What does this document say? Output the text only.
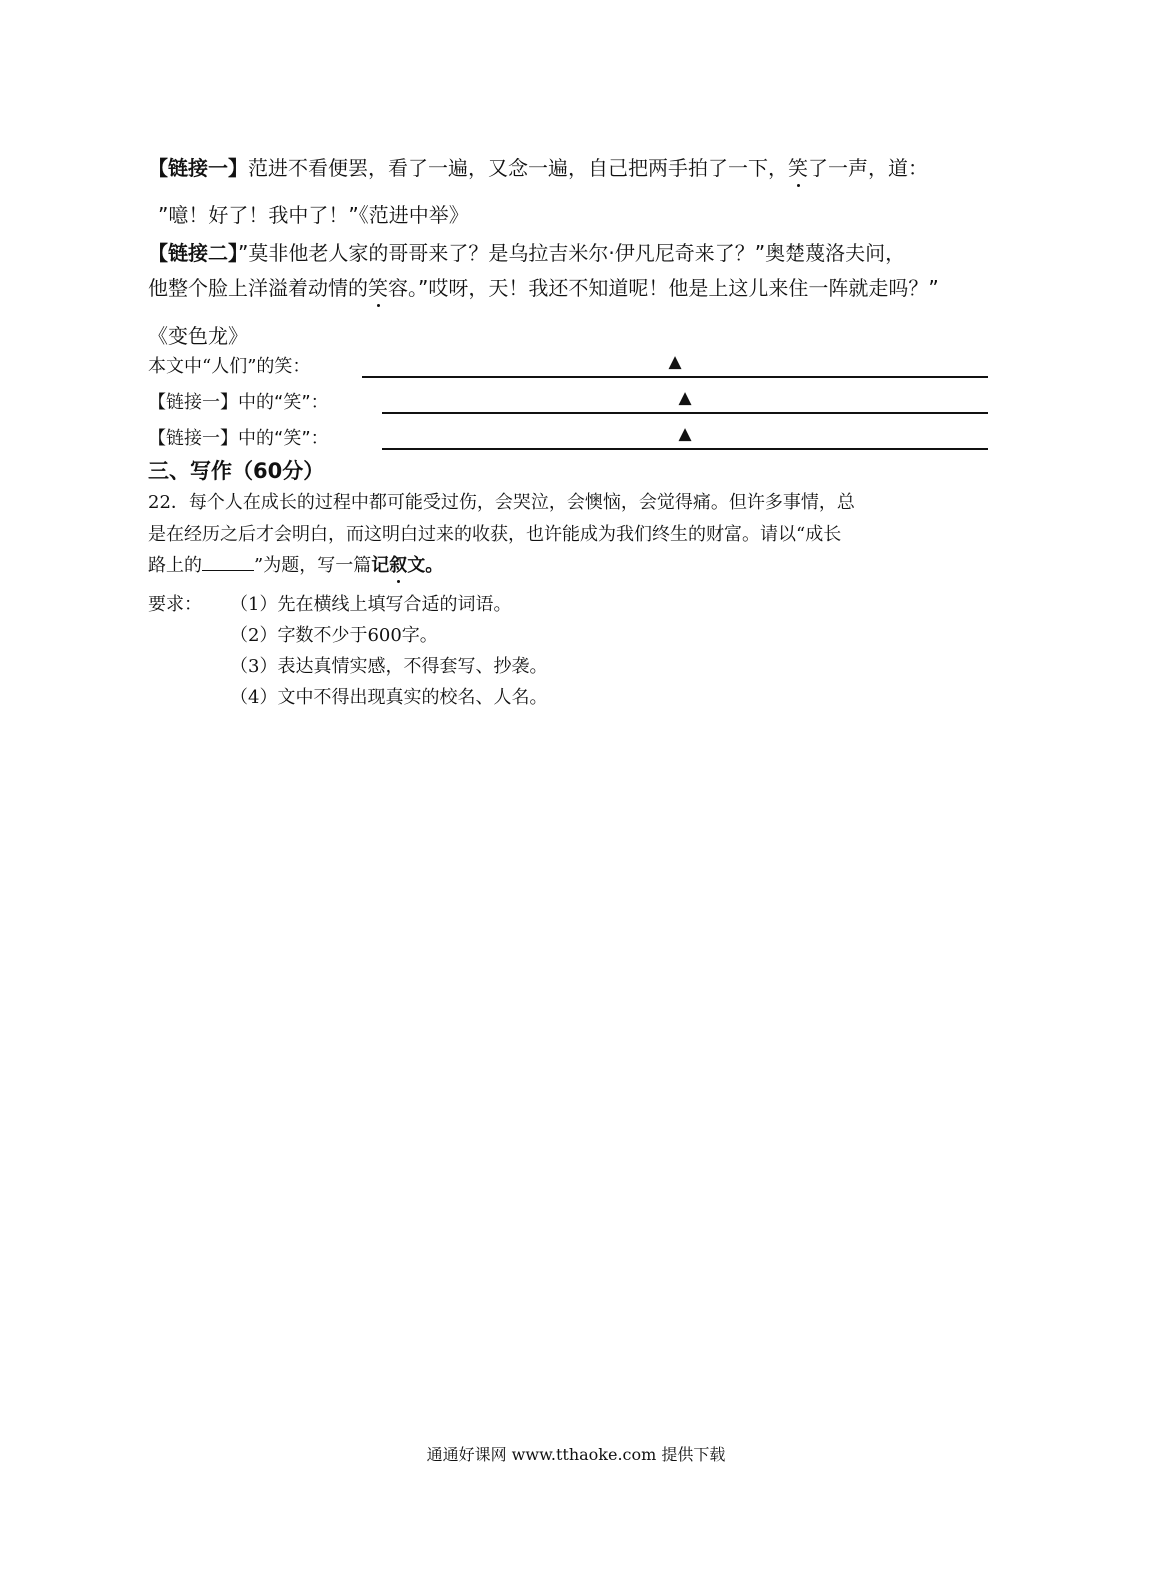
【链接一】范进不看便罢，看了一遍，又念一遍，自己把两手拍了一下，笑了一声，道：
”噫！好了！我中了！”《范进中举》
【链接二】”莫非他老人家的哥哥来了？是乌拉吉米尔·伊凡尼奇来了？”奥楚蔑洛夫问，
他整个脸上洋溢着动情的笑容。”哎呀，天！我还不知道呢！他是上这儿来住一阵就走吗？”
《变色龙》
本文中“人们”的笑：	▲
【链接一】中的“笑”：	▲
【链接一】中的“笑”：	▲
三、写作（60分）
22．每个人在成长的过程中都可能受过伤，会哭泣，会懊恼，会觉得痛。但许多事情，总
是在经历之后才会明白，而这明白过来的收获，也许能成为我们终生的财富。请以“成长
路上的	”为题，写一篇记叙文。
要求： （1）先在横线上填写合适的词语。
（2）字数不少于600字。
（3）表达真情实感，不得套写、抄袭。
（4）文中不得出现真实的校名、人名。
通通好课网 www.tthaoke.com 提供下载
